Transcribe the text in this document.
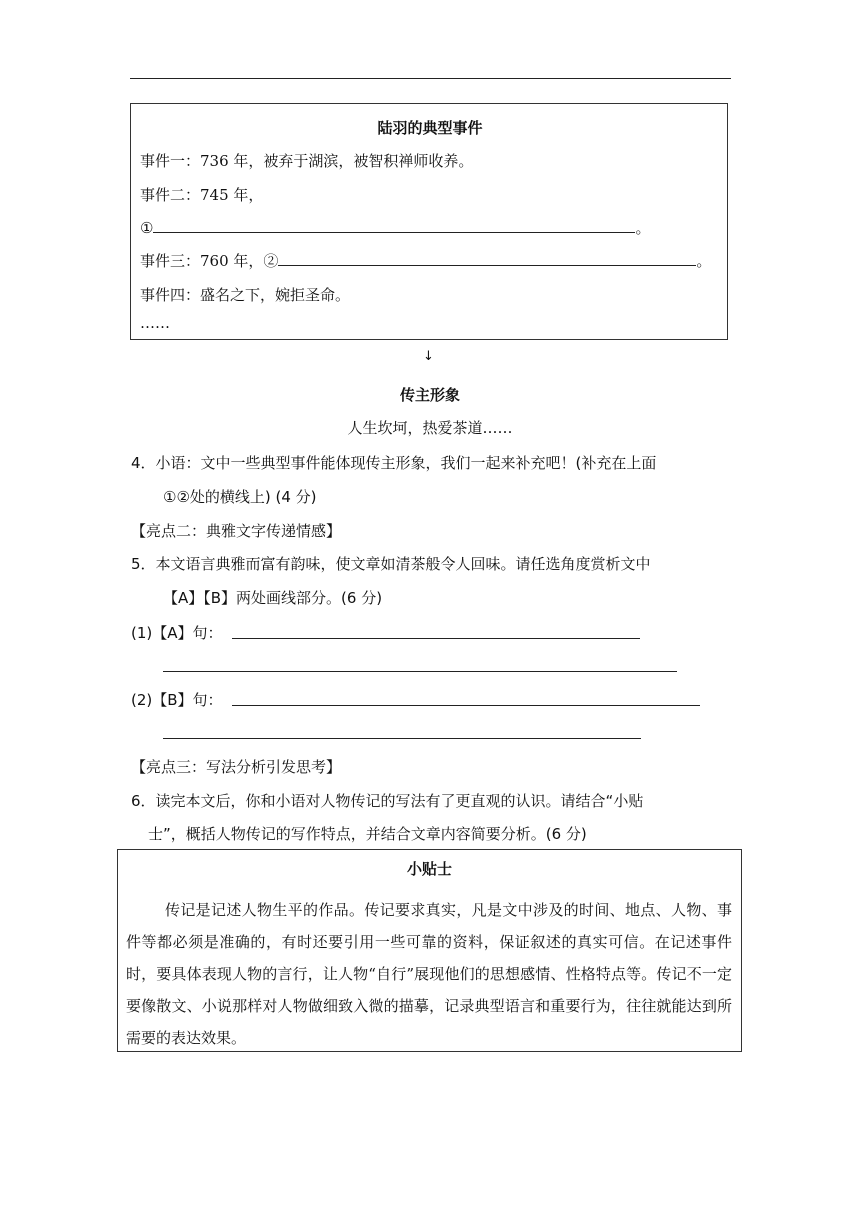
陆羽的典型事件
事件一：736 年，被弃于湖滨，被智积禅师收养。
事件二：745 年，
①	。
事件三：760 年，②	。
事件四：盛名之下，婉拒圣命。
……
↓
传主形象
人生坎坷，热爱茶道……
4．小语：文中一些典型事件能体现传主形象，我们一起来补充吧！(补充在上面
①②处的横线上) (4 分)
【亮点二：典雅文字传递情感】
5．本文语言典雅而富有韵味，使文章如清茶般令人回味。请任选角度赏析文中
【A】【B】两处画线部分。(6 分)
(1)【A】句：
(2)【B】句：
【亮点三：写法分析引发思考】
6．读完本文后，你和小语对人物传记的写法有了更直观的认识。请结合“小贴
士”，概括人物传记的写作特点，并结合文章内容简要分析。(6 分)
小贴士
传记是记述人物生平的作品。传记要求真实，凡是文中涉及的时间、地点、人物、事件等都必须是准确的，有时还要引用一些可靠的资料，保证叙述的真实可信。在记述事件时，要具体表现人物的言行，让人物“自行”展现他们的思想感情、性格特点等。传记不一定要像散文、小说那样对人物做细致入微的描摹，记录典型语言和重要行为，往往就能达到所需要的表达效果。
